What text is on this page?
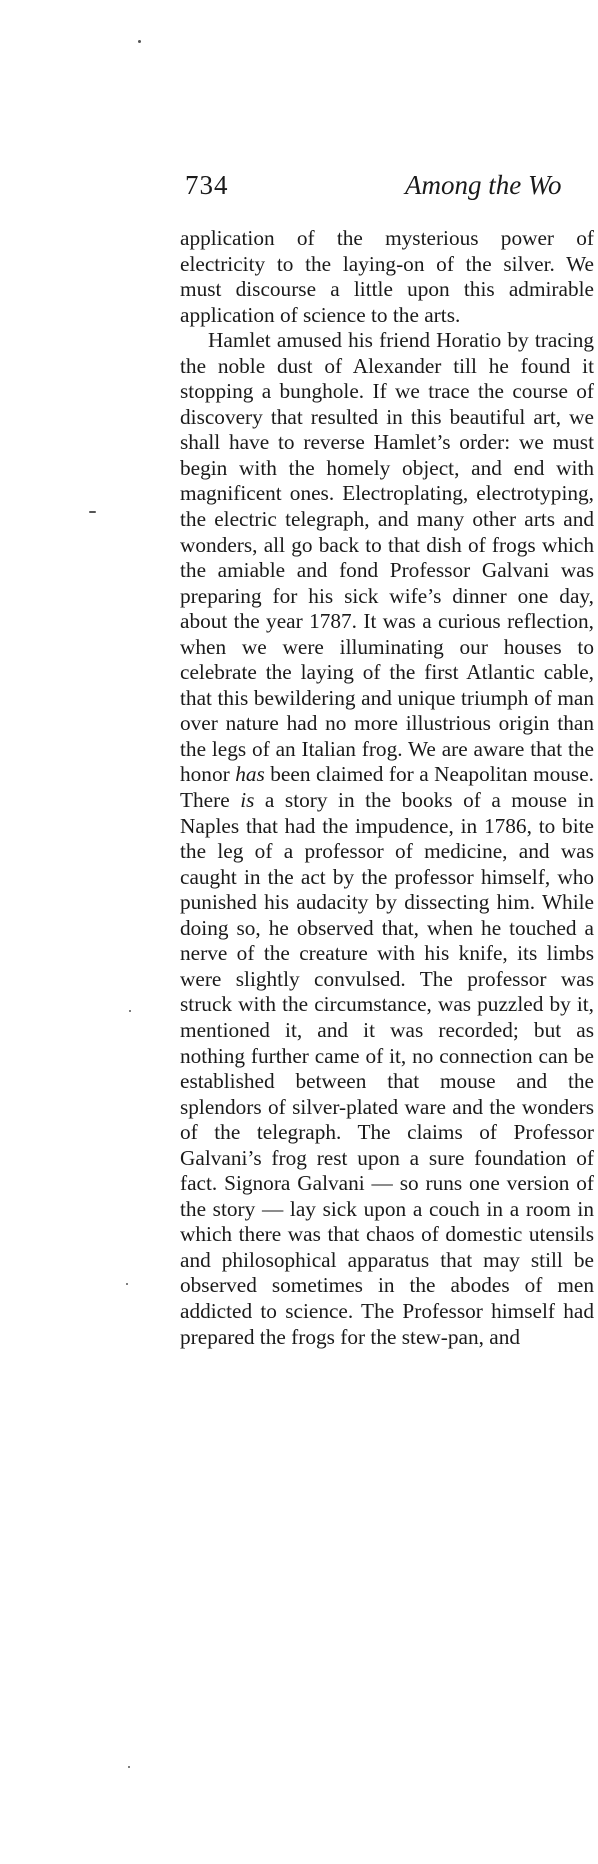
734	Among the Wo

application of the mysterious power of electricity to the laying-on of the silver. We must discourse a little upon this admirable application of science to the arts.

Hamlet amused his friend Horatio by tracing the noble dust of Alexander till he found it stopping a bunghole. If we trace the course of discovery that resulted in this beautiful art, we shall have to reverse Hamlet’s order: we must begin with the homely object, and end with magnificent ones. Electroplating, electrotyping, the electric telegraph, and many other arts and wonders, all go back to that dish of frogs which the amiable and fond Professor Galvani was preparing for his sick wife’s dinner one day, about the year 1787. It was a curious reflection, when we were illuminating our houses to celebrate the laying of the first Atlantic cable, that this bewildering and unique triumph of man over nature had no more illustrious origin than the legs of an Italian frog. We are aware that the honor has been claimed for a Neapolitan mouse. There is a story in the books of a mouse in Naples that had the impudence, in 1786, to bite the leg of a professor of medicine, and was caught in the act by the professor himself, who punished his audacity by dissecting him. While doing so, he observed that, when he touched a nerve of the creature with his knife, its limbs were slightly convulsed. The professor was struck with the circumstance, was puzzled by it, mentioned it, and it was recorded; but as nothing further came of it, no connection can be established between that mouse and the splendors of silver-plated ware and the wonders of the telegraph. The claims of Professor Galvani’s frog rest upon a sure foundation of fact. Signora Galvani — so runs one version of the story — lay sick upon a couch in a room in which there was that chaos of domestic utensils and philosophical apparatus that may still be observed sometimes in the abodes of men addicted to science. The Professor himself had prepared the frogs for the stew-pan, and
